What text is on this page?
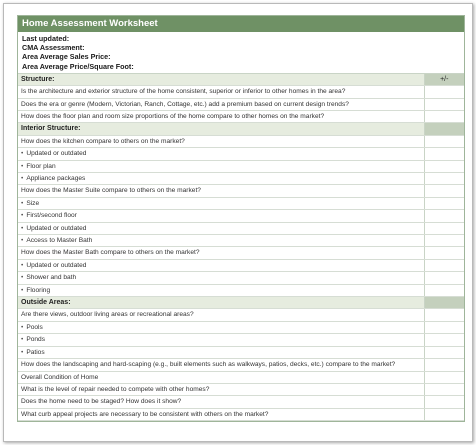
Home Assessment Worksheet
Last updated:
CMA Assessment:
Area Average Sales Price:
Area Average Price/Square Foot:
Structure:	+/-
Is the architecture and exterior structure of the home consistent, superior or inferior to other homes in the area?	
Does the era or genre (Modern, Victorian, Ranch, Cottage, etc.) add a premium based on current design trends?	
How does the floor plan and room size proportions of the home compare to other homes on the market?	
Interior Structure:	
How does the kitchen compare to others on the market?	
• Updated or outdated	
• Floor plan	
• Appliance packages	
How does the Master Suite compare to others on the market?	
• Size	
• First/second floor	
• Updated or outdated	
• Access to Master Bath	
How does the Master Bath compare to others on the market?	
• Updated or outdated	
• Shower and bath	
• Flooring	
Outside Areas:	
Are there views, outdoor living areas or recreational areas?	
• Pools	
• Ponds	
• Patios	
How does the landscaping and hard-scaping (e.g., built elements such as walkways, patios, decks, etc.) compare to the market?	
Overall Condition of Home	
What is the level of repair needed to compete with other homes?	
Does the home need to be staged? How does it show?	
What curb appeal projects are necessary to be consistent with others on the market?	
